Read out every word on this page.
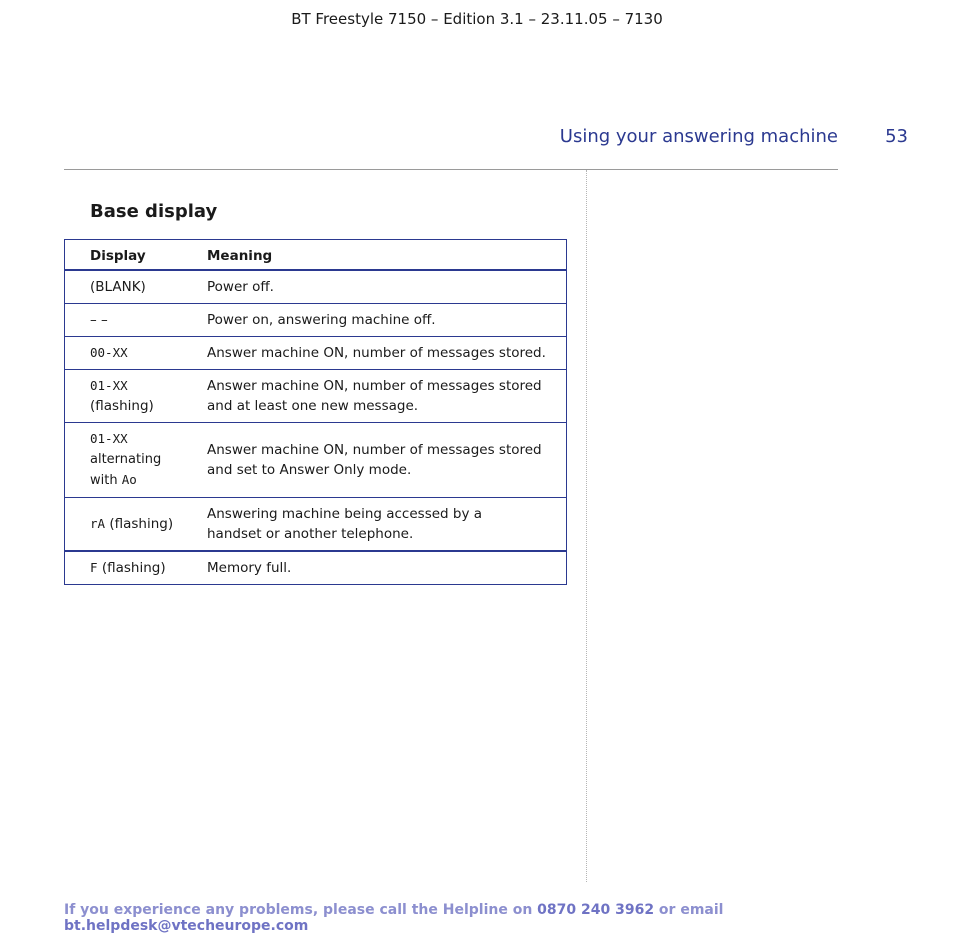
BT Freestyle 7150 – Edition 3.1 – 23.11.05 – 7130
Using your answering machine	53
Base display
Display	Meaning
(BLANK)	Power off.
– –	Power on, answering machine off.
00-XX	Answer machine ON, number of messages stored.
01-XX (flashing)	Answer machine ON, number of messages stored and at least one new message.
01-XX alternating with Ao	Answer machine ON, number of messages stored and set to Answer Only mode.
rA (flashing)	Answering machine being accessed by a
handset or another telephone.
F (flashing)	Memory full.
If you experience any problems, please call the Helpline on 0870 240 3962 or email bt.helpdesk@vtecheurope.com
